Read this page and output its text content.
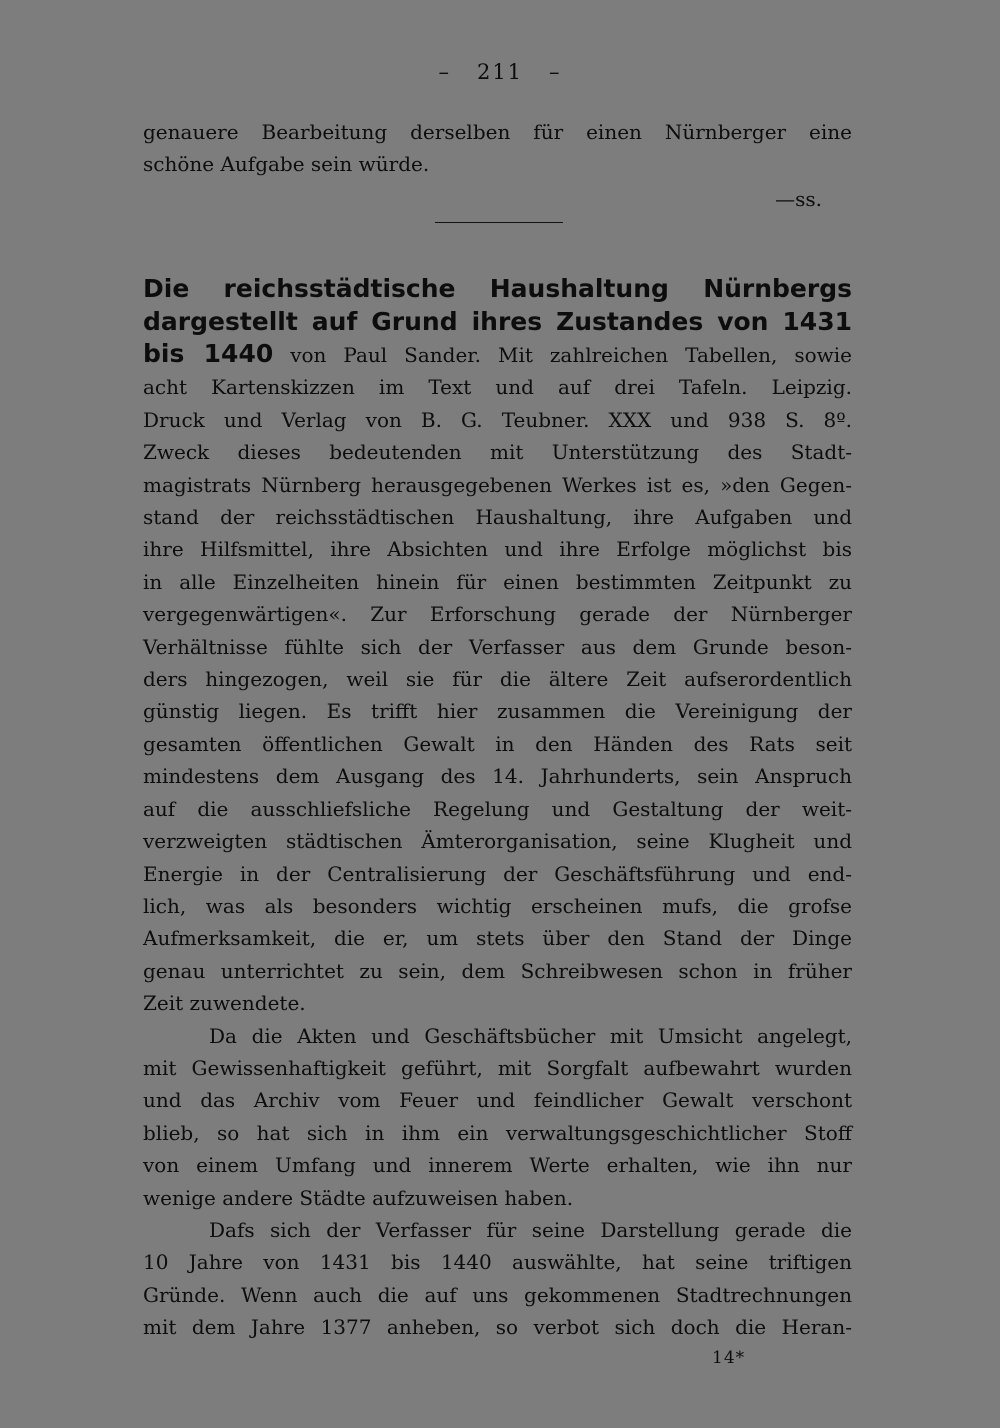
– 211 –
genauere Bearbeitung derselben für einen Nürnberger eine
schöne Aufgabe sein würde.
—ss.
Die reichsstädtische Haushaltung Nürnbergs
dargestellt auf Grund ihres Zustandes von 1431
bis 1440 von Paul Sander. Mit zahlreichen Tabellen, sowie
acht Kartenskizzen im Text und auf drei Tafeln. Leipzig.
Druck und Verlag von B. G. Teubner. XXX und 938 S. 8º.
Zweck dieses bedeutenden mit Unterstützung des Stadt-
magistrats Nürnberg herausgegebenen Werkes ist es, »den Gegen-
stand der reichsstädtischen Haushaltung, ihre Aufgaben und
ihre Hilfsmittel, ihre Absichten und ihre Erfolge möglichst bis
in alle Einzelheiten hinein für einen bestimmten Zeitpunkt zu
vergegenwärtigen«. Zur Erforschung gerade der Nürnberger
Verhältnisse fühlte sich der Verfasser aus dem Grunde beson-
ders hingezogen, weil sie für die ältere Zeit aufserordentlich
günstig liegen. Es trifft hier zusammen die Vereinigung der
gesamten öffentlichen Gewalt in den Händen des Rats seit
mindestens dem Ausgang des 14. Jahrhunderts, sein Anspruch
auf die ausschliefsliche Regelung und Gestaltung der weit-
verzweigten städtischen Ämterorganisation, seine Klugheit und
Energie in der Centralisierung der Geschäftsführung und end-
lich, was als besonders wichtig erscheinen mufs, die grofse
Aufmerksamkeit, die er, um stets über den Stand der Dinge
genau unterrichtet zu sein, dem Schreibwesen schon in früher
Zeit zuwendete.
Da die Akten und Geschäftsbücher mit Umsicht angelegt,
mit Gewissenhaftigkeit geführt, mit Sorgfalt aufbewahrt wurden
und das Archiv vom Feuer und feindlicher Gewalt verschont
blieb, so hat sich in ihm ein verwaltungsgeschichtlicher Stoff
von einem Umfang und innerem Werte erhalten, wie ihn nur
wenige andere Städte aufzuweisen haben.
Dafs sich der Verfasser für seine Darstellung gerade die
10 Jahre von 1431 bis 1440 auswählte, hat seine triftigen
Gründe. Wenn auch die auf uns gekommenen Stadtrechnungen
mit dem Jahre 1377 anheben, so verbot sich doch die Heran-
14*
